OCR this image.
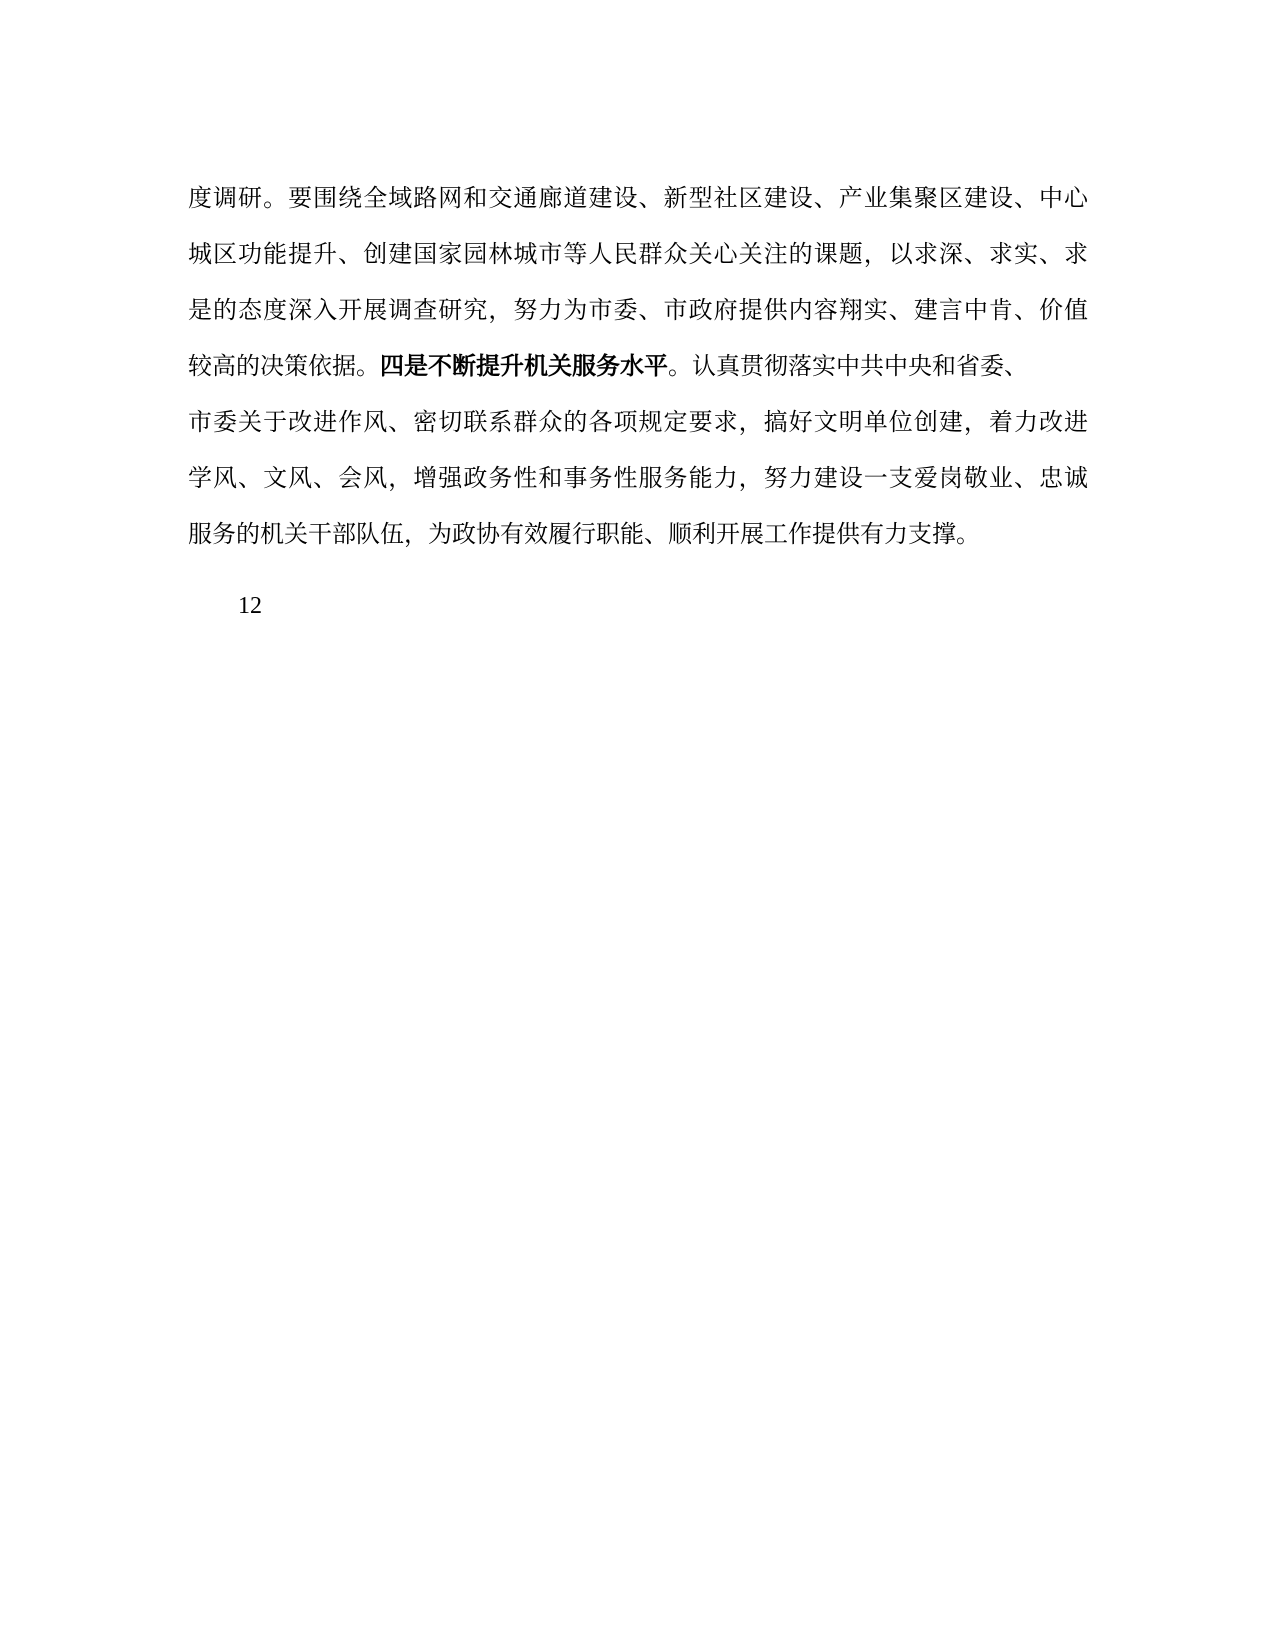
度调研。要围绕全域路网和交通廊道建设、新型社区建设、产业集聚区建设、中心
城区功能提升、创建国家园林城市等人民群众关心关注的课题，以求深、求实、求
是的态度深入开展调查研究，努力为市委、市政府提供内容翔实、建言中肯、价值
较高的决策依据。四是不断提升机关服务水平。认真贯彻落实中共中央和省委、
市委关于改进作风、密切联系群众的各项规定要求，搞好文明单位创建，着力改进
学风、文风、会风，增强政务性和事务性服务能力，努力建设一支爱岗敬业、忠诚
服务的机关干部队伍，为政协有效履行职能、顺利开展工作提供有力支撑。
12
